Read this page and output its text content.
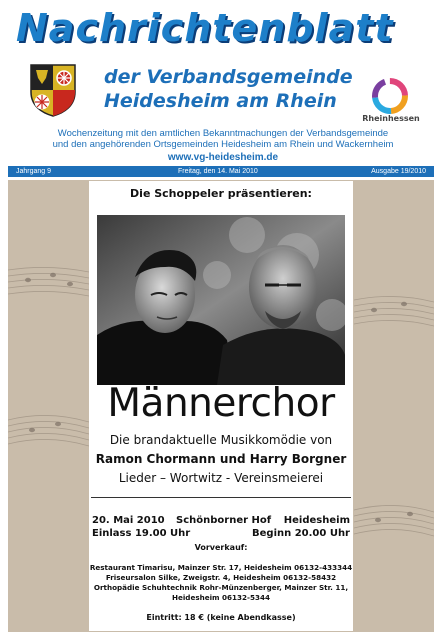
Nachrichtenblatt
der Verbandsgemeinde
Heidesheim am Rhein
Rheinhessen
Wochenzeitung mit den amtlichen Bekanntmachungen der Verbandsgemeinde
und den angehörenden Ortsgemeinden Heidesheim am Rhein und Wackernheim
www.vg-heidesheim.de
Jahrgang 9	Freitag, den 14. Mai 2010	Ausgabe 19/2010
Die Schoppeler präsentieren:
Männerchor
Die brandaktuelle Musikkomödie von
Ramon Chormann und Harry Borgner
Lieder – Wortwitz - Vereinsmeierei
20. Mai 2010 Schönborner Hof Heidesheim
Einlass 19.00 Uhr	Beginn 20.00 Uhr
Vorverkauf:
Restaurant Timarisu, Mainzer Str. 17, Heidesheim 06132-433344
Friseursalon Silke, Zweigstr. 4, Heidesheim 06132-58432
Orthopädie Schuhtechnik Rohr-Münzenberger, Mainzer Str. 11,
Heidesheim 06132-5344
Eintritt: 18 € (keine Abendkasse)
